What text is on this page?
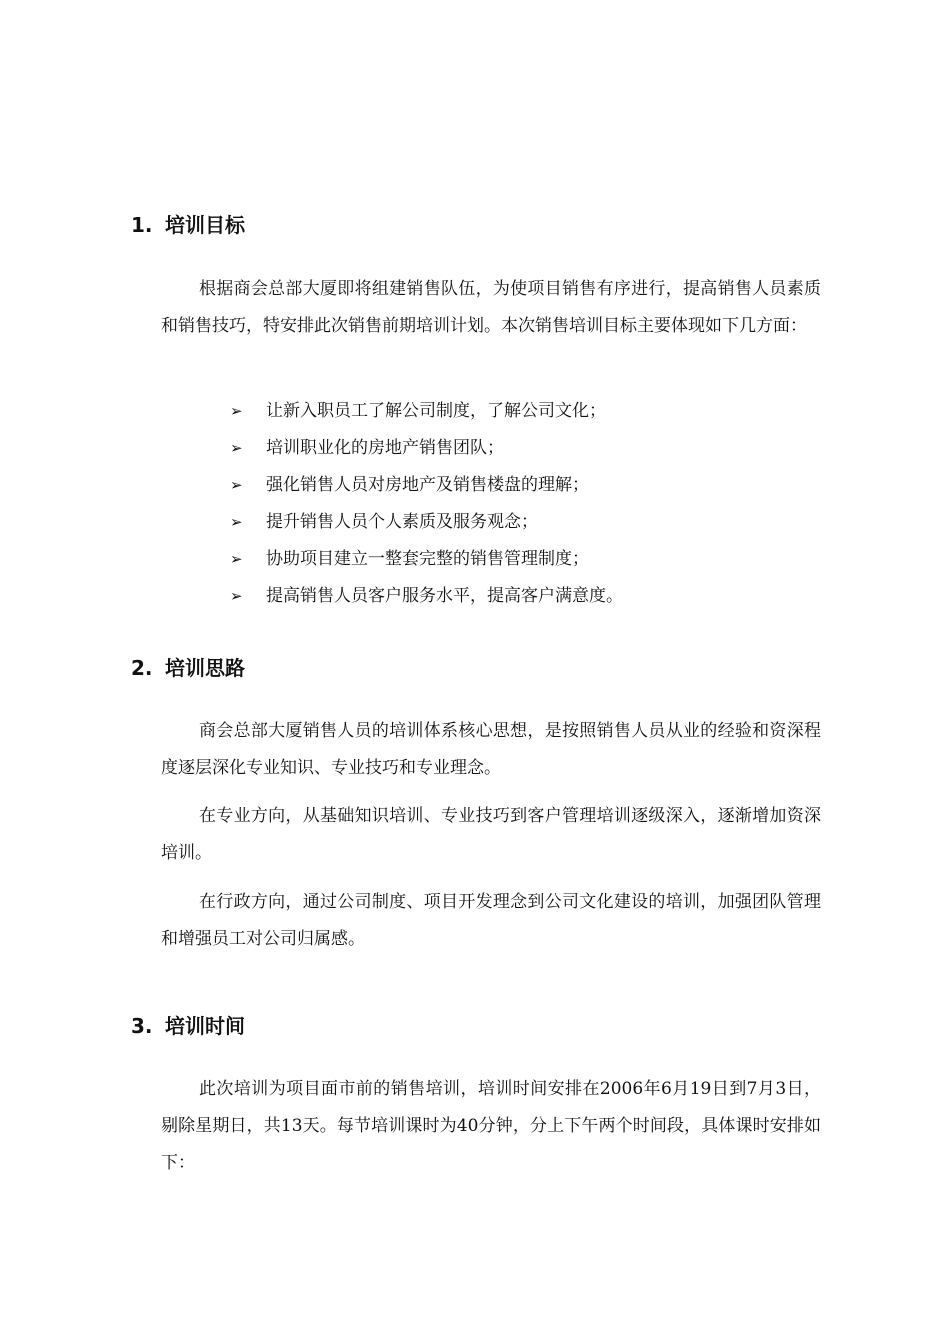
1. 培训目标

根据商会总部大厦即将组建销售队伍，为使项目销售有序进行，提高销售人员素质和销售技巧，特安排此次销售前期培训计划。本次销售培训目标主要体现如下几方面：

➢	让新入职员工了解公司制度，了解公司文化；
➢	培训职业化的房地产销售团队；
➢	强化销售人员对房地产及销售楼盘的理解；
➢	提升销售人员个人素质及服务观念；
➢	协助项目建立一整套完整的销售管理制度；
➢	提高销售人员客户服务水平，提高客户满意度。
2. 培训思路

商会总部大厦销售人员的培训体系核心思想，是按照销售人员从业的经验和资深程度逐层深化专业知识、专业技巧和专业理念。

在专业方向，从基础知识培训、专业技巧到客户管理培训逐级深入，逐渐增加资深培训。

在行政方向，通过公司制度、项目开发理念到公司文化建设的培训，加强团队管理和增强员工对公司归属感。

3. 培训时间

此次培训为项目面市前的销售培训，培训时间安排在2006年6月19日到7月3日，剔除星期日，共13天。每节培训课时为40分钟，分上下午两个时间段，具体课时安排如下：
